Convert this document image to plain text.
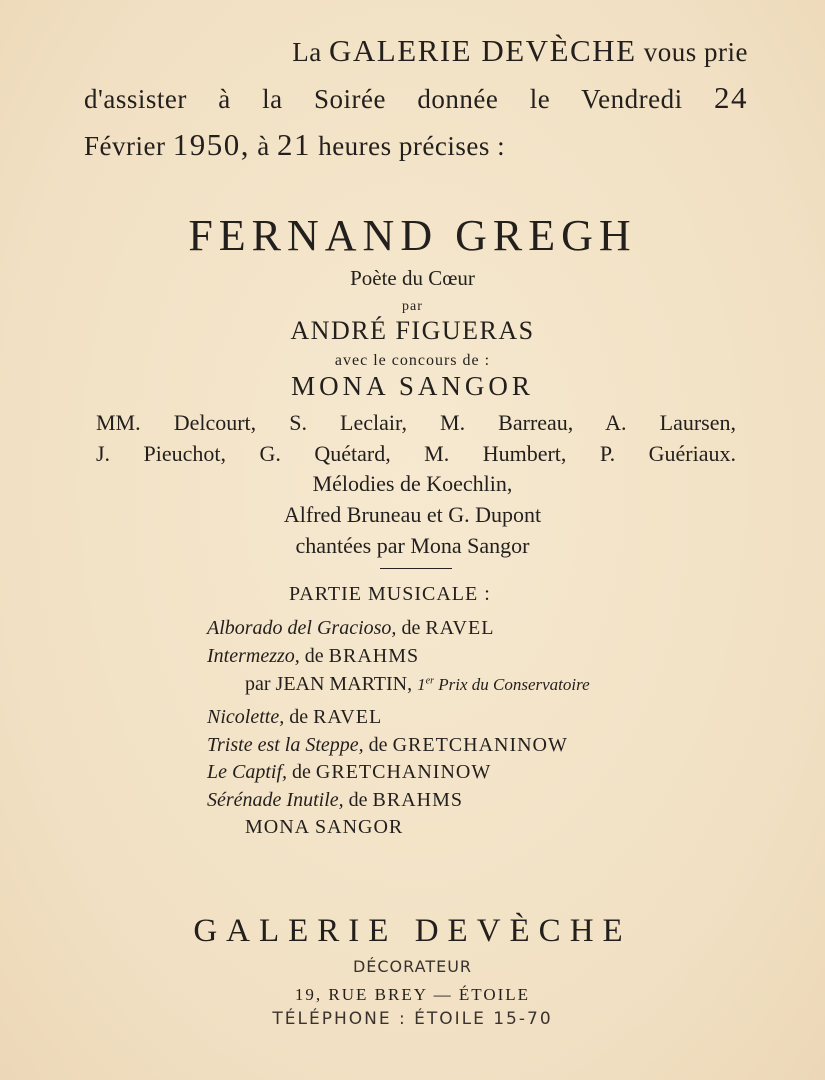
La GALERIE DEVÈCHE vous prie
d'assister à la Soirée donnée le Vendredi 24
Février 1950, à 21 heures précises :
FERNAND GREGH
Poète du Cœur
par
ANDRÉ FIGUERAS
avec le concours de :
MONA SANGOR
MM. Delcourt, S. Leclair, M. Barreau, A. Laursen,
J. Pieuchot, G. Quétard, M. Humbert, P. Guériaux.
Mélodies de Koechlin,
Alfred Bruneau et G. Dupont
chantées par Mona Sangor
PARTIE MUSICALE :
Alborado del Gracioso, de RAVEL
Intermezzo, de BRAHMS
par JEAN MARTIN, 1er Prix du Conservatoire
Nicolette, de RAVEL
Triste est la Steppe, de GRETCHANINOW
Le Captif, de GRETCHANINOW
Sérénade Inutile, de BRAHMS
MONA SANGOR
GALERIE DEVÈCHE
DÉCORATEUR
19, RUE BREY — ÉTOILE
TÉLÉPHONE : ÉTOILE 15-70
